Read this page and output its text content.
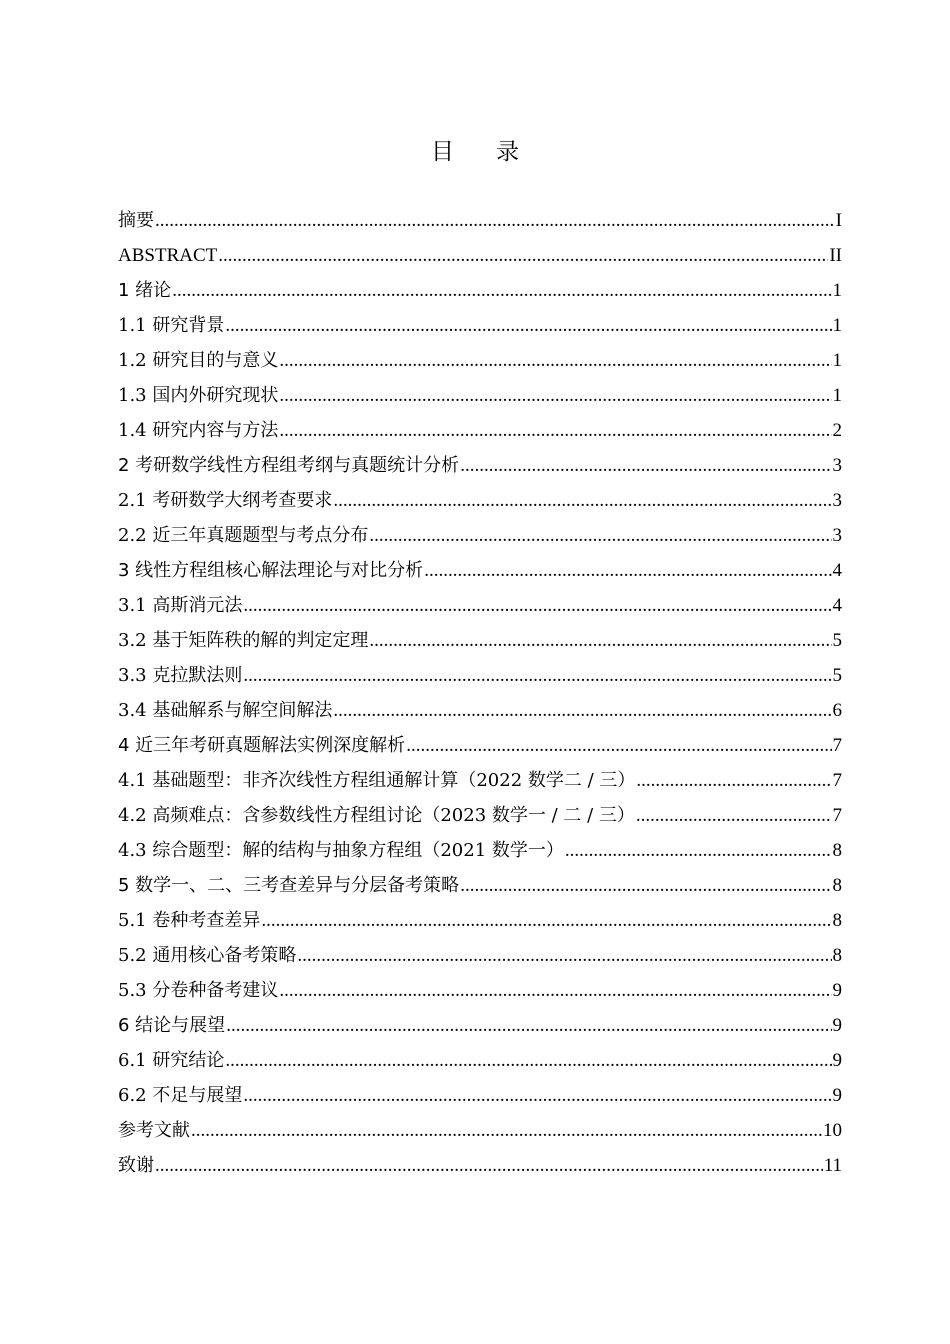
目录
摘要 .....	I
ABSTRACT .....	II
1 绪论 .....	1
1.1 研究背景 .....	1
1.2 研究目的与意义 .....	1
1.3 国内外研究现状 .....	1
1.4 研究内容与方法 .....	2
2 考研数学线性方程组考纲与真题统计分析 .....	3
2.1 考研数学大纲考查要求 .....	3
2.2 近三年真题题型与考点分布 .....	3
3 线性方程组核心解法理论与对比分析 .....	4
3.1 高斯消元法 .....	4
3.2 基于矩阵秩的解的判定定理 .....	5
3.3 克拉默法则 .....	5
3.4 基础解系与解空间解法 .....	6
4 近三年考研真题解法实例深度解析 .....	7
4.1 基础题型：非齐次线性方程组通解计算（2022 数学二 / 三） .....	7
4.2 高频难点：含参数线性方程组讨论（2023 数学一 / 二 / 三） .....	7
4.3 综合题型：解的结构与抽象方程组（2021 数学一） .....	8
5 数学一、二、三考查差异与分层备考策略 .....	8
5.1 卷种考查差异 .....	8
5.2 通用核心备考策略 .....	8
5.3 分卷种备考建议 .....	9
6 结论与展望 .....	9
6.1 研究结论 .....	9
6.2 不足与展望 .....	9
参考文献 .....	10
致谢 .....	11
